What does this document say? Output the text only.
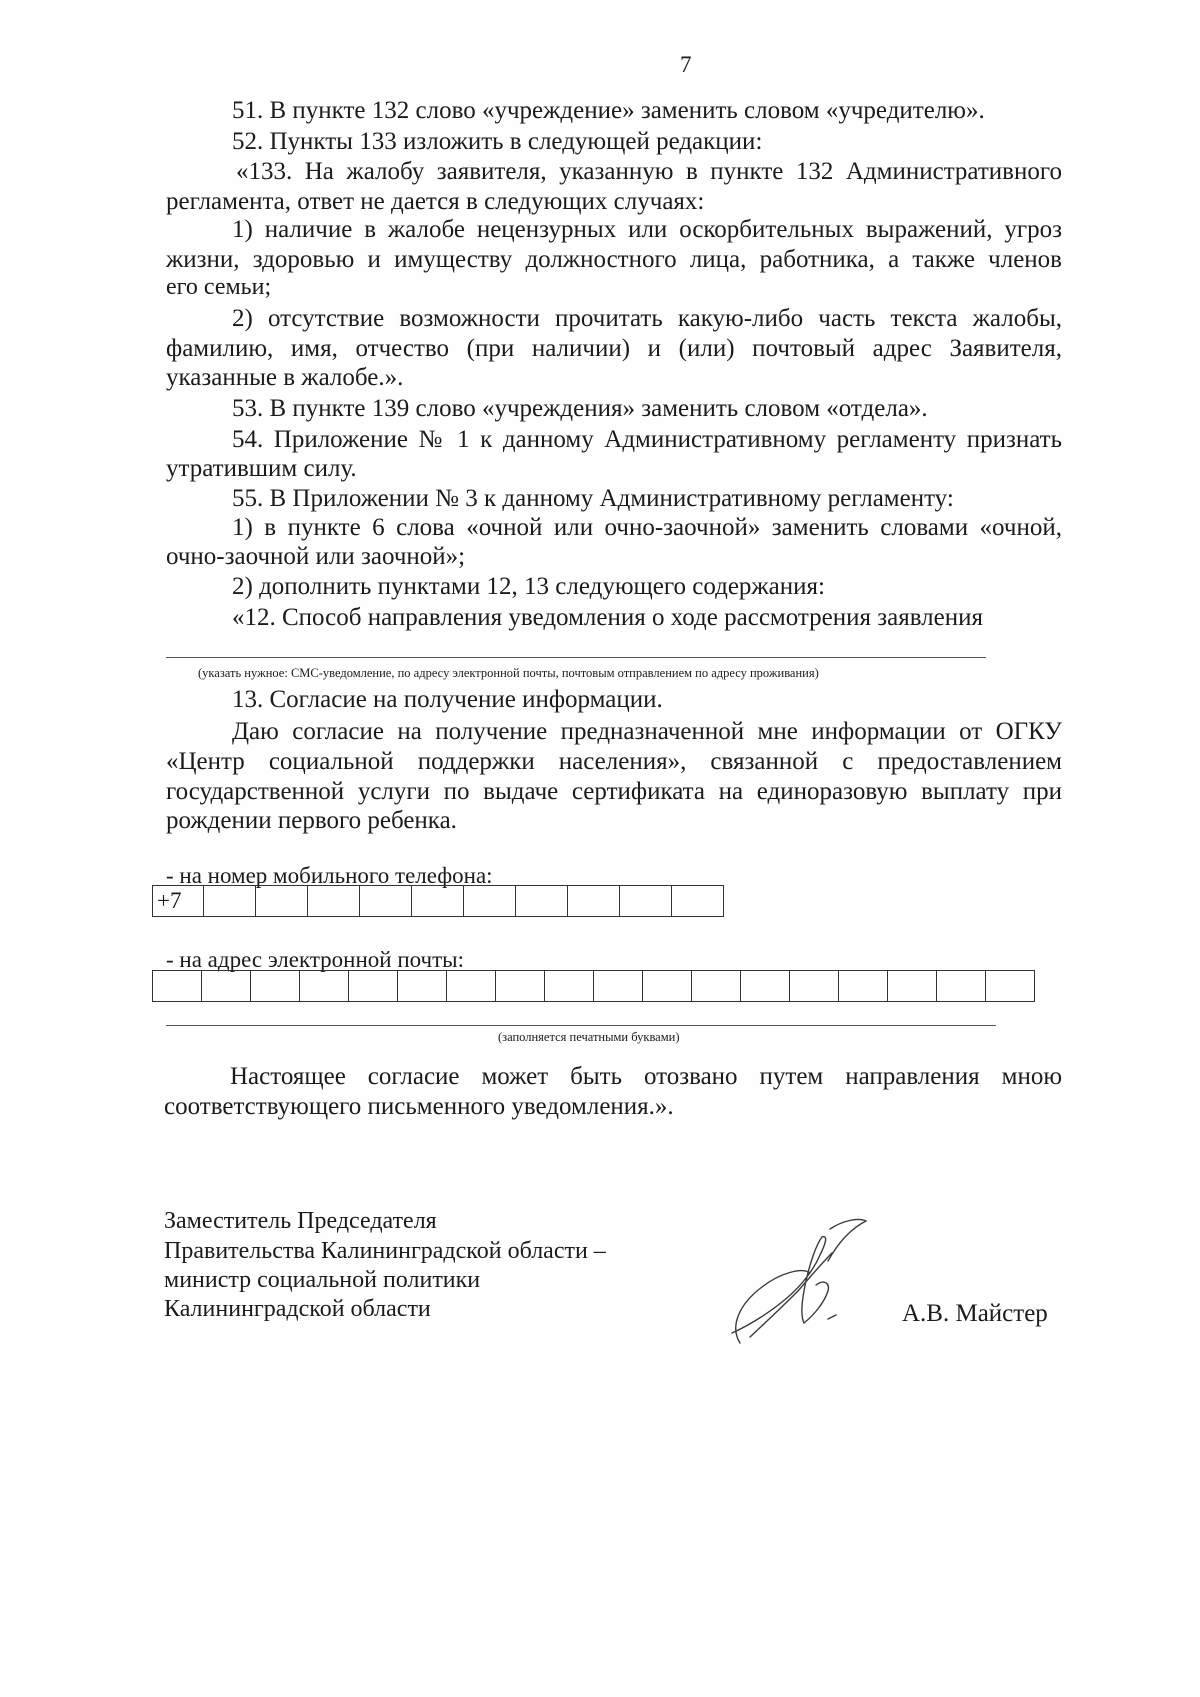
7
51. В пункте 132 слово «учреждение» заменить словом «учредителю».
52. Пункты 133 изложить в следующей редакции:
«133. На жалобу заявителя, указанную в пункте 132 Административного
регламента, ответ не дается в следующих случаях:
1) наличие в жалобе нецензурных или оскорбительных выражений, угроз
жизни, здоровью и имуществу должностного лица, работника, а также членов
его семьи;
2) отсутствие возможности прочитать какую-либо часть текста жалобы,
фамилию, имя, отчество (при наличии) и (или) почтовый адрес Заявителя,
указанные в жалобе.».
53. В пункте 139 слово «учреждения» заменить словом «отдела».
54. Приложение № 1 к данному Административному регламенту признать
утратившим силу.
55. В Приложении № 3 к данному Административному регламенту:
1) в пункте 6 слова «очной или очно-заочной» заменить словами «очной,
очно-заочной или заочной»;
2) дополнить пунктами 12, 13 следующего содержания:
«12. Способ направления уведомления о ходе рассмотрения заявления
(указать нужное: СМС-уведомление, по адресу электронной почты, почтовым отправлением по адресу проживания)
13. Согласие на получение информации.
Даю согласие на получение предназначенной мне информации от ОГКУ
«Центр социальной поддержки населения», связанной с предоставлением
государственной услуги по выдаче сертификата на единоразовую выплату при
рождении первого ребенка.
- на номер мобильного телефона:
+7
- на адрес электронной почты:
(заполняется печатными буквами)
Настоящее согласие может быть отозвано путем направления мною
соответствующего письменного уведомления.».
Заместитель Председателя
Правительства Калининградской области –
министр социальной политики
Калининградской области	А.В. Майстер
